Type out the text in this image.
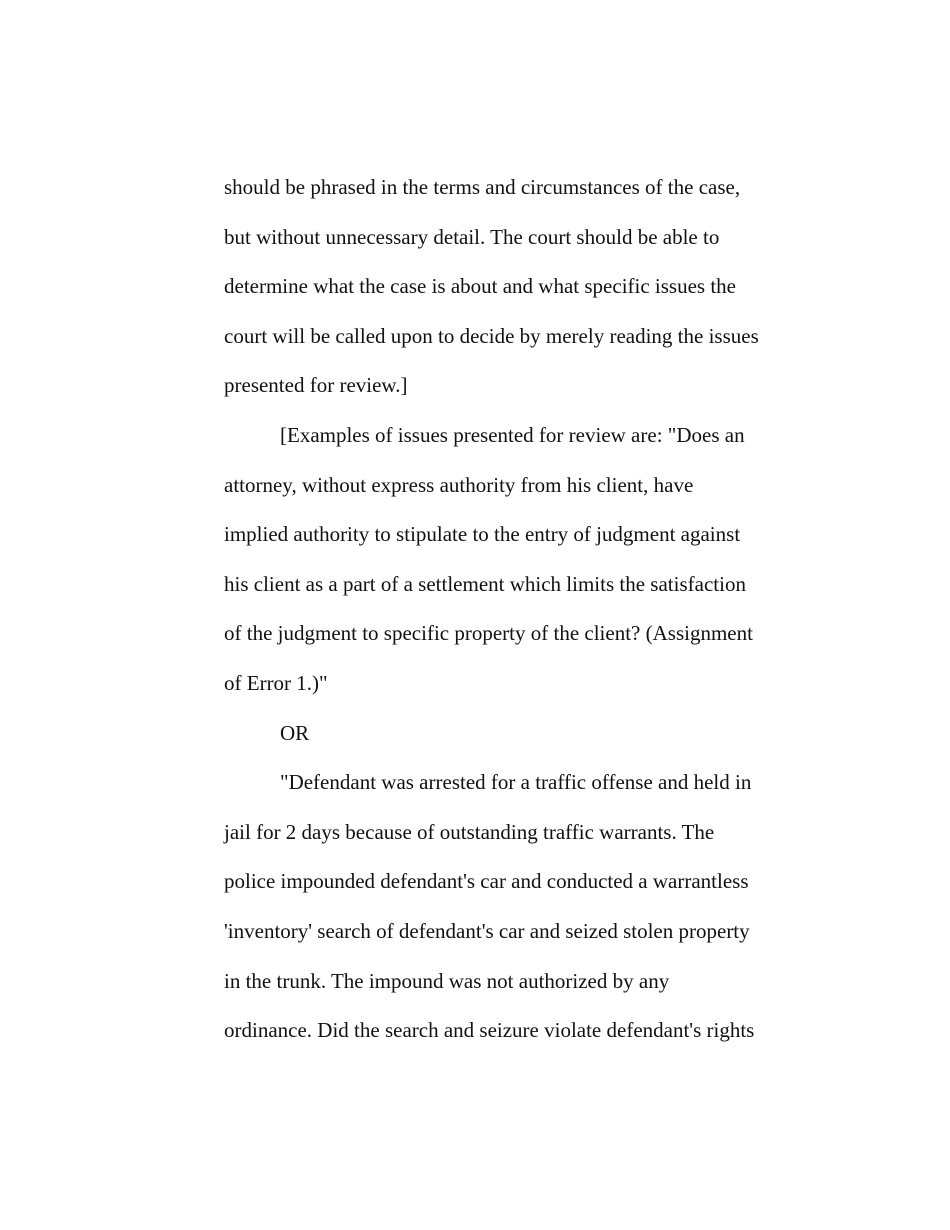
should be phrased in the terms and circumstances of the case,
but without unnecessary detail. The court should be able to
determine what the case is about and what specific issues the
court will be called upon to decide by merely reading the issues
presented for review.]
[Examples of issues presented for review are: "Does an
attorney, without express authority from his client, have
implied authority to stipulate to the entry of judgment against
his client as a part of a settlement which limits the satisfaction
of the judgment to specific property of the client? (Assignment
of Error 1.)"
OR
"Defendant was arrested for a traffic offense and held in
jail for 2 days because of outstanding traffic warrants. The
police impounded defendant's car and conducted a warrantless
'inventory' search of defendant's car and seized stolen property
in the trunk. The impound was not authorized by any
ordinance. Did the search and seizure violate defendant's rights
